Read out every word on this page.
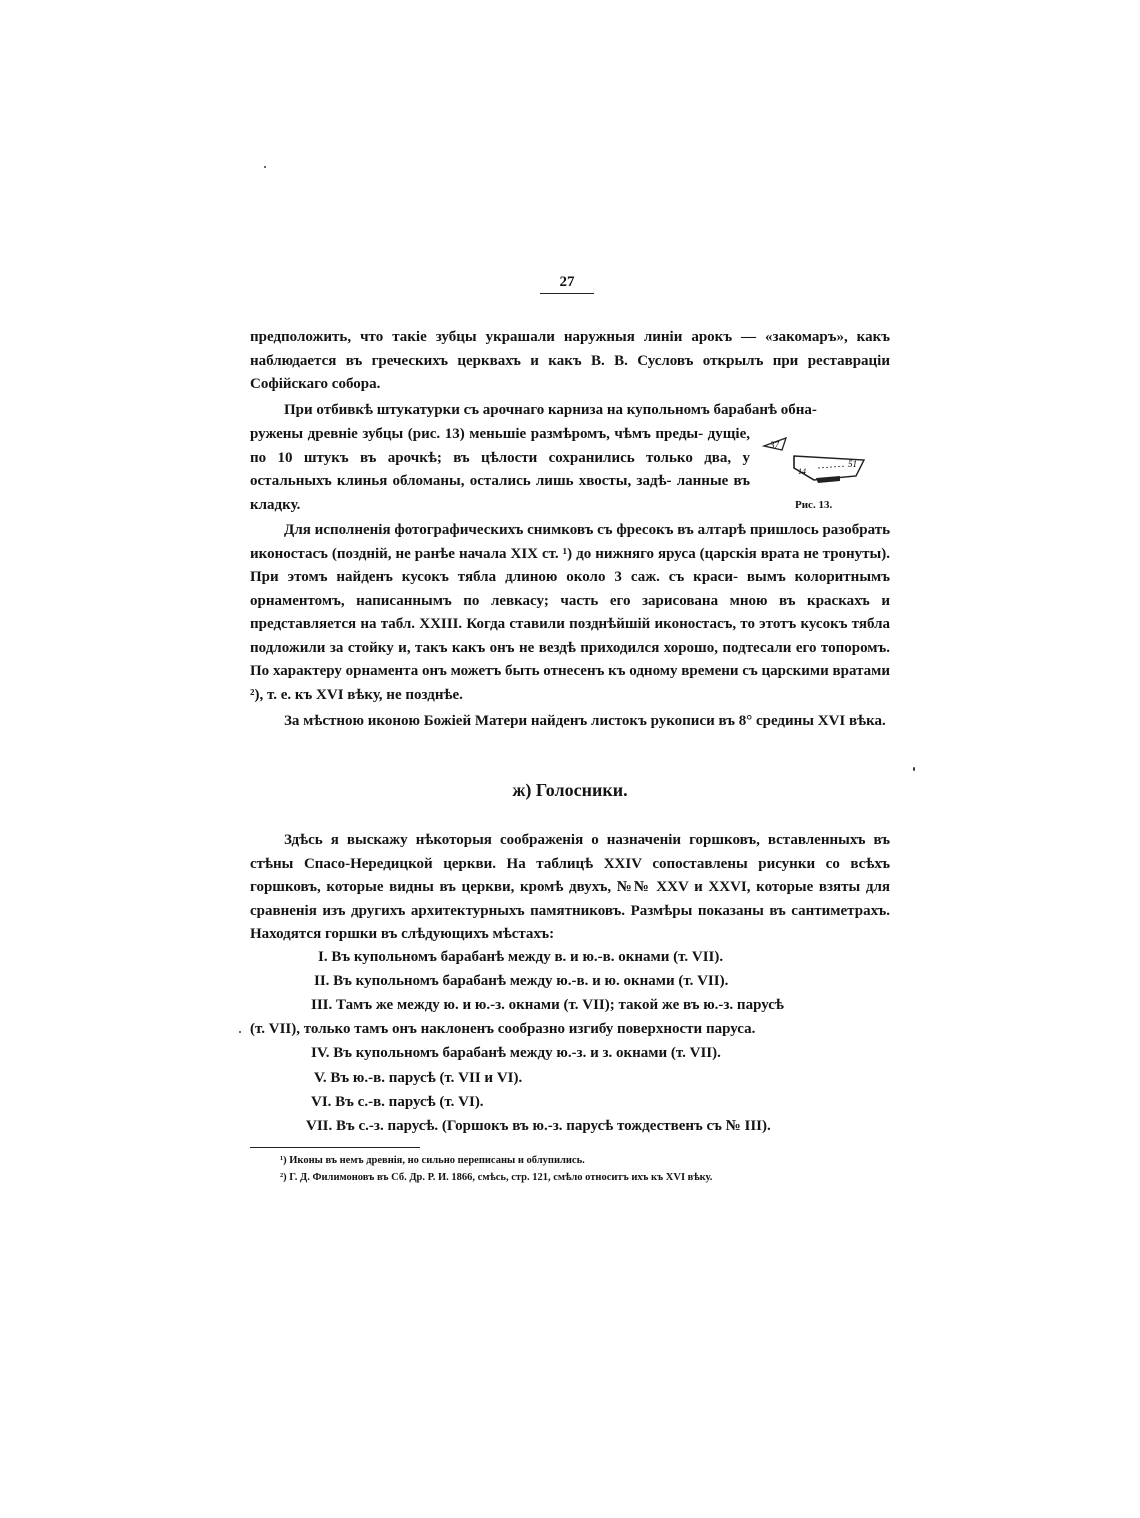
27

предположить, что такіе зубцы украшали наружныя линіи арокъ — «закомаръ», какъ наблюдается въ греческихъ церквахъ и какъ В. В. Сусловъ открылъ при реставраціи Софійскаго собора.

При отбивкѣ штукатурки съ арочнаго карниза на купольномъ барабанѣ обна-

ружены древніе зубцы (рис. 13) меньшіе размѣромъ, чѣмъ преды- дущіе, по 10 штукъ въ арочкѣ; въ цѣлости сохранились только два, у остальныхъ клинья обломаны, остались лишь хвосты, задѣ- ланные въ кладку.

37
51
14
Рис. 13.

Для исполненія фотографическихъ снимковъ съ фресокъ въ алтарѣ пришлось разобрать иконостасъ (поздній, не ранѣе начала XIX ст. ¹) до нижняго яруса (царскія врата не тронуты). При этомъ найденъ кусокъ тябла длиною около 3 саж. съ краси- вымъ колоритнымъ орнаментомъ, написаннымъ по левкасу; часть его зарисована мною въ краскахъ и представляется на табл. XXIII. Когда ставили позднѣйшій иконостасъ, то этотъ кусокъ тябла подложили за стойку и, такъ какъ онъ не вездѣ приходился хорошо, подтесали его топоромъ. По характеру орнамента онъ можетъ быть отнесенъ къ одному времени съ царскими вратами ²), т. е. къ XVI вѣку, не позднѣе.

За мѣстною иконою Божіей Матери найденъ листокъ рукописи въ 8° средины XVI вѣка.

ж) Голосники.

Здѣсь я выскажу нѣкоторыя соображенія о назначеніи горшковъ, вставленныхъ въ стѣны Спасо-Нередицкой церкви. На таблицѣ XXIV сопоставлены рисунки со всѣхъ горшковъ, которые видны въ церкви, кромѣ двухъ, №№ XXV и XXVI, которые взяты для сравненія изъ другихъ архитектурныхъ памятниковъ. Размѣры показаны въ сантиметрахъ. Находятся горшки въ слѣдующихъ мѣстахъ:

I. Въ купольномъ барабанѣ между в. и ю.-в. окнами (т. VII).
II. Въ купольномъ барабанѣ между ю.-в. и ю. окнами (т. VII).
III. Тамъ же между ю. и ю.-з. окнами (т. VII); такой же въ ю.-з. парусѣ
(т. VII), только тамъ онъ наклоненъ сообразно изгибу поверхности паруса.
IV. Въ купольномъ барабанѣ между ю.-з. и з. окнами (т. VII).
V. Въ ю.-в. парусѣ (т. VII и VI).
VI. Въ с.-в. парусѣ (т. VI).
VII. Въ с.-з. парусѣ. (Горшокъ въ ю.-з. парусѣ тождественъ съ № III).
¹) Иконы въ немъ древнія, но сильно переписаны и облупились.
²) Г. Д. Филимоновъ въ Сб. Др. Р. И. 1866, смѣсь, стр. 121, смѣло относитъ ихъ къ XVI вѣку.
